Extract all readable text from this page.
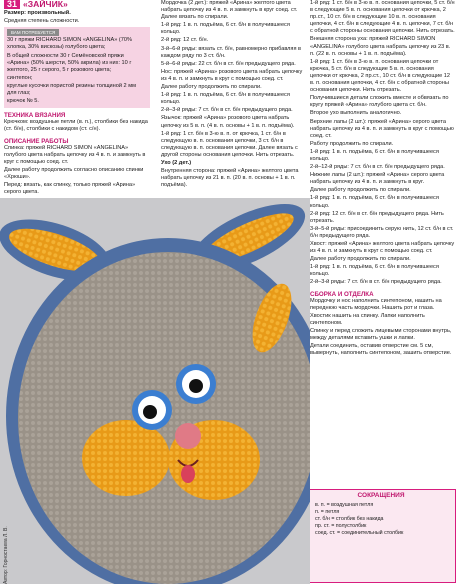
31 «ЗАЙЧИК»
Размер: произвольный.
Средняя степень сложности.
ВАМ ПОТРЕБУЕТСЯ
30 г пряжи RICHARD SIMON «ANGELINA» (70% хлопка, 30% вискозы) голубого цвета;
В общей сложности 30 г Семёновской пряжи «Арина» (50% шерсти, 50% акрила) из них: 10 г желтого, 25 г серого, 5 г розового цвета;
синтепон;
круглые кусочки пористой резины толщиной 2 мм для глаз;
крючок № 5.
ТЕХНИКА ВЯЗАНИЯ
Крючком: воздушные петли (в. п.), столбики без накида (ст. б/н), столбики с накидом (ст. с/н).
ОПИСАНИЕ РАБОТЫ
Спинка: пряжей RICHARD SIMON «ANGELINA» голубого цвета набрать цепочку из 4 в. п. и замкнуть в круг с помощью соед. ст.
Далее работу продолжить согласно описанию спинки «Хрюши».
Перед: вязать, как спинку, только пряжей «Арина» серого цвета.
Мордочка (2 дет.): пряжей «Арина» желтого цвета набрать цепочку из 4 в. п. и замкнуть в круг соед. ст. Далее вязать по спирали.
1-й ряд: 1 в. п. подъёма, 6 ст. б/н в получившееся кольцо.
2-й ряд: 12 ст. б/н.
3-й–6-й ряды: вязать ст. б/н, равномерно прибавляя в каждом ряду по 3 ст. б/н.
5-й–6-й ряды: 22 ст. б/н в ст. б/н предыдущего ряда.
Нос: пряжей «Арина» розового цвета набрать цепочку из 4 в. п. и замкнуть в круг с помощью соед. ст.
Далее работу продолжить по спирали.
1-й ряд: 1 в. п. подъёма, 6 ст. б/н в получившееся кольцо.
2-й–3-й ряды: 7 ст. б/н в ст. б/н предыдущего ряда.
Язычок: пряжей «Арина» розового цвета набрать цепочку из 5 в. п. (4 в. п. основы + 1 в. п. подъёма).
1-й ряд: 1 ст. б/н в 3-ю в. п. от крючка, 1 ст. б/н в следующую в. п. основания цепочки, 3 ст. б/н в следующую в. п. основания цепочки. Далее вязать с другой стороны основания цепочки. Нить отрезать.
Ухо (2 дет.)
Внутренняя сторона: пряжей «Арина» желтого цвета набрать цепочку из 21 в. п. (20 в. п. основы + 1 в. п. подъёма).
1-й ряд: 1 ст. б/н в 3-ю в. п. основания цепочки, 5 ст. б/н в следующие 5 в. п. основания цепочки от крючка, 2 пр.ст., 10 ст. б/н в следующие 10 в. п. основания цепочки, 4 ст. б/н в следующие 4 в. п. цепочки, 7 ст. б/н с обратной стороны основания цепочки. Нить отрезать.
Внешняя сторона уха: пряжей RICHARD SIMON «ANGELINA» голубого цвета набрать цепочку из 23 в. п. (22 в. п. основы + 1 в. п. подъёма).
1-й ряд: 1 ст. б/н в 3-ю в. п. основания цепочки от крючка, 5 ст. б/н в следующие 5 в. п. основания цепочки от крючка, 2 пр.ст., 10 ст. б/н в следующие 12 в. п. основания цепочки, 4 ст. б/н с обратной стороны основания цепочки. Нить отрезать.
Получившиеся детали сложить вместе и обвязать по кругу пряжей «Арина» голубого цвета ст. б/н.
Второе ухо выполнить аналогично.
Верхние лапы (2 шт.): пряжей «Арина» серого цвета набрать цепочку из 4 в. п. и замкнуть в круг с помощью соед. ст.
Работу продолжить по спирали.
1-й ряд: 1 в. п. подъёма, 6 ст. б/н в получившееся кольцо.
2-й–12-й ряды: 7 ст. б/н в ст. б/н предыдущего ряда.
Нижние лапы (2 шт.): пряжей «Арина» серого цвета набрать цепочку из 4 в. п. и замкнуть в круг.
Далее работу продолжить по спирали.
1-й ряд: 1 в. п. подъёма, 6 ст. б/н в получившееся кольцо.
2-й ряд: 12 ст. б/н в ст. б/н предыдущего ряда. Нить отрезать.
3-й–5-й ряды: присоединить серую нить, 12 ст. б/н в ст. б/н предыдущего ряда.
Хвост: пряжей «Арина» желтого цвета набрать цепочку из 4 в. п. и замкнуть в круг с помощью соед. ст.
Далее работу продолжить по спирали.
1-й ряд: 1 в. п. подъёма, 6 ст. б/н в получившееся кольцо.
2-й–3-й ряды: 7 ст. б/н в ст. б/н предыдущего ряда.
СБОРКА И ОТДЕЛКА
Мордочку и нос наполнить синтепоном, нашить на переднюю часть мордочки. Нашить рот и глаза.
Хвостик нашить на спинку. Лапки наполнить синтепоном.
Спинку и перед сложить лицевыми сторонами внутрь, между деталями вставить ушки и лапки.
Детали соединить, оставив отверстие см. 5 см, вывернуть, наполнить синтепоном, зашить отверстие.
СОКРАЩЕНИЯ
в. п. = воздушная петля
п. = петля
ст. б/н = столбик без накида
пр. ст. = полустолбик
соед. ст. = соединительный столбик
Автор: Горностаева Л. В.
